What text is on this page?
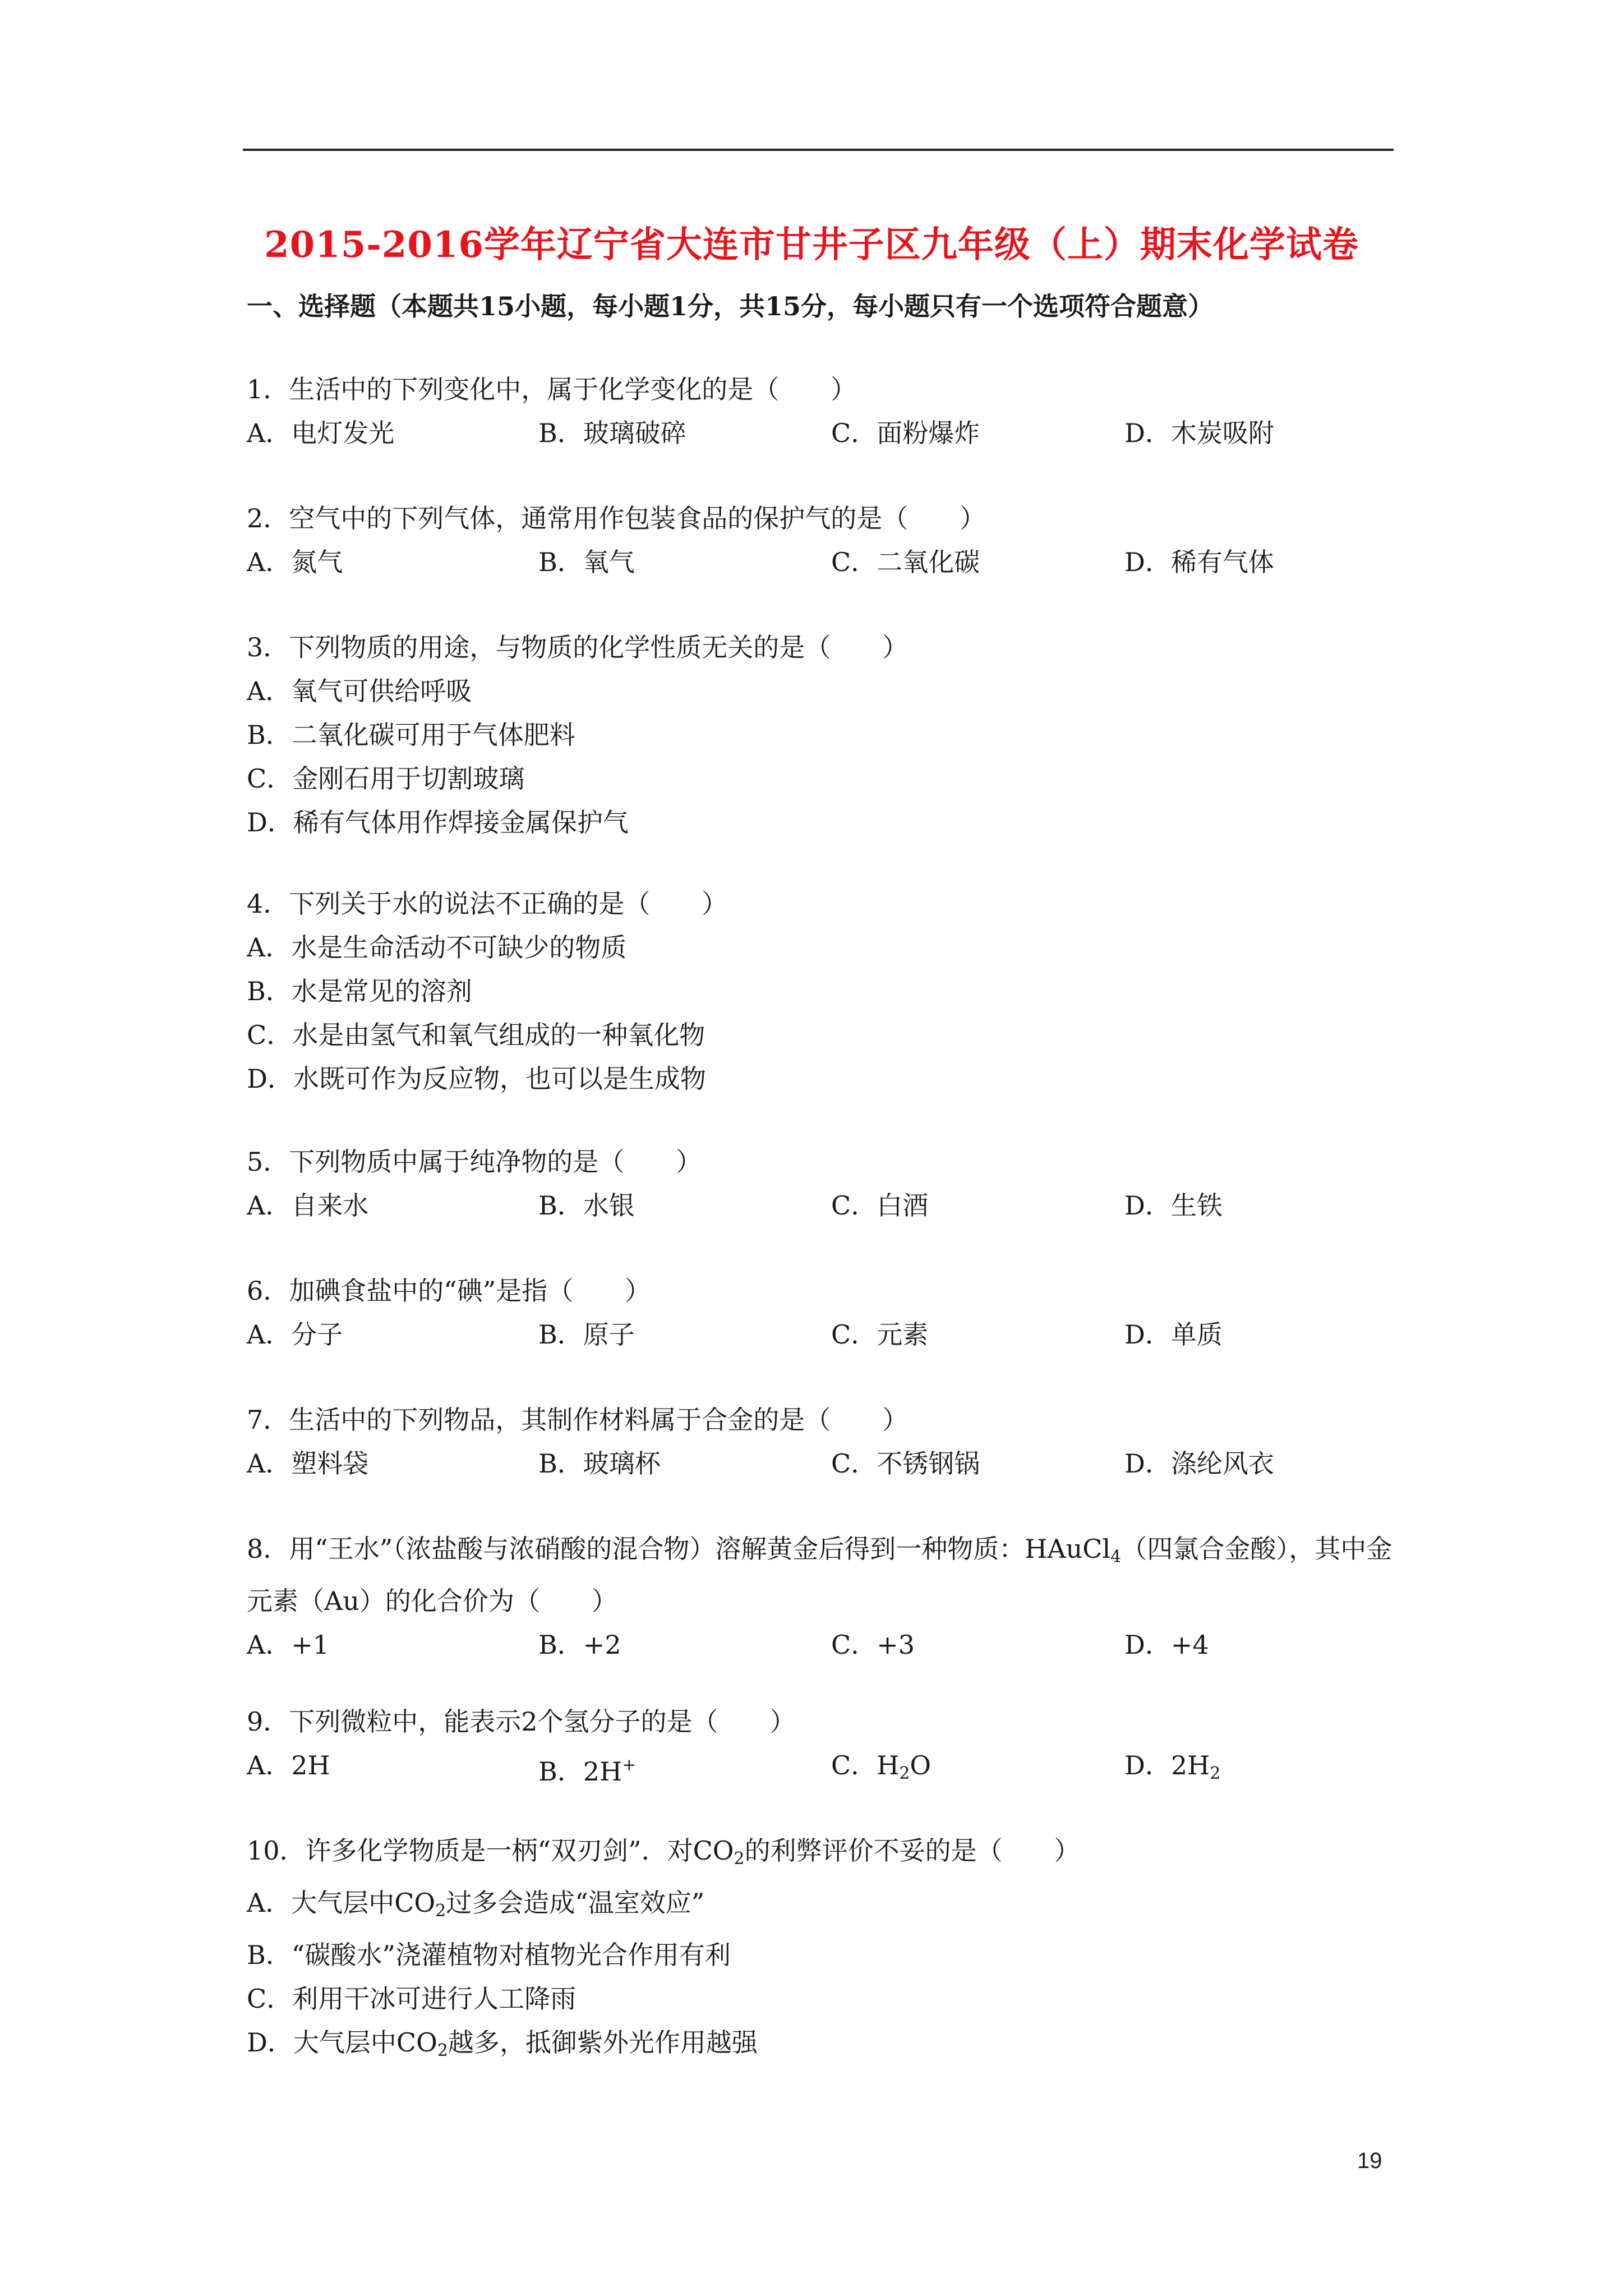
2015-2016学年辽宁省大连市甘井子区九年级（上）期末化学试卷
一、选择题（本题共15小题，每小题1分，共15分，每小题只有一个选项符合题意）
1．生活中的下列变化中，属于化学变化的是（　　）
A．电灯发光	B．玻璃破碎	C．面粉爆炸	D．木炭吸附
2．空气中的下列气体，通常用作包装食品的保护气的是（　　）
A．氮气	B．氧气	C．二氧化碳	D．稀有气体
3．下列物质的用途，与物质的化学性质无关的是（　　）
A．氧气可供给呼吸
B．二氧化碳可用于气体肥料
C．金刚石用于切割玻璃
D．稀有气体用作焊接金属保护气
4．下列关于水的说法不正确的是（　　）
A．水是生命活动不可缺少的物质
B．水是常见的溶剂
C．水是由氢气和氧气组成的一种氧化物
D．水既可作为反应物，也可以是生成物
5．下列物质中属于纯净物的是（　　）
A．自来水	B．水银	C．白酒	D．生铁
6．加碘食盐中的“碘”是指（　　）
A．分子	B．原子	C．元素	D．单质
7．生活中的下列物品，其制作材料属于合金的是（　　）
A．塑料袋	B．玻璃杯	C．不锈钢锅	D．涤纶风衣
8．用“王水”（浓盐酸与浓硝酸的混合物）溶解黄金后得到一种物质：HAuCl$_4$（四氯合金酸），其中金元素（Au）的化合价为（　　）
A．+1	B．+2	C．+3	D．+4
9．下列微粒中，能表示2个氢分子的是（　　）
A．2H	B．2H+	C．$H_2O$	D．$2H_2$
10．许多化学物质是一柄“双刃剑”．对$CO_2$的利弊评价不妥的是（　　）
A．大气层中$CO_2$过多会造成“温室效应”
B．“碳酸水”浇灌植物对植物光合作用有利
C．利用干冰可进行人工降雨
D．大气层中$CO_2$越多，抵御紫外光作用越强
19
